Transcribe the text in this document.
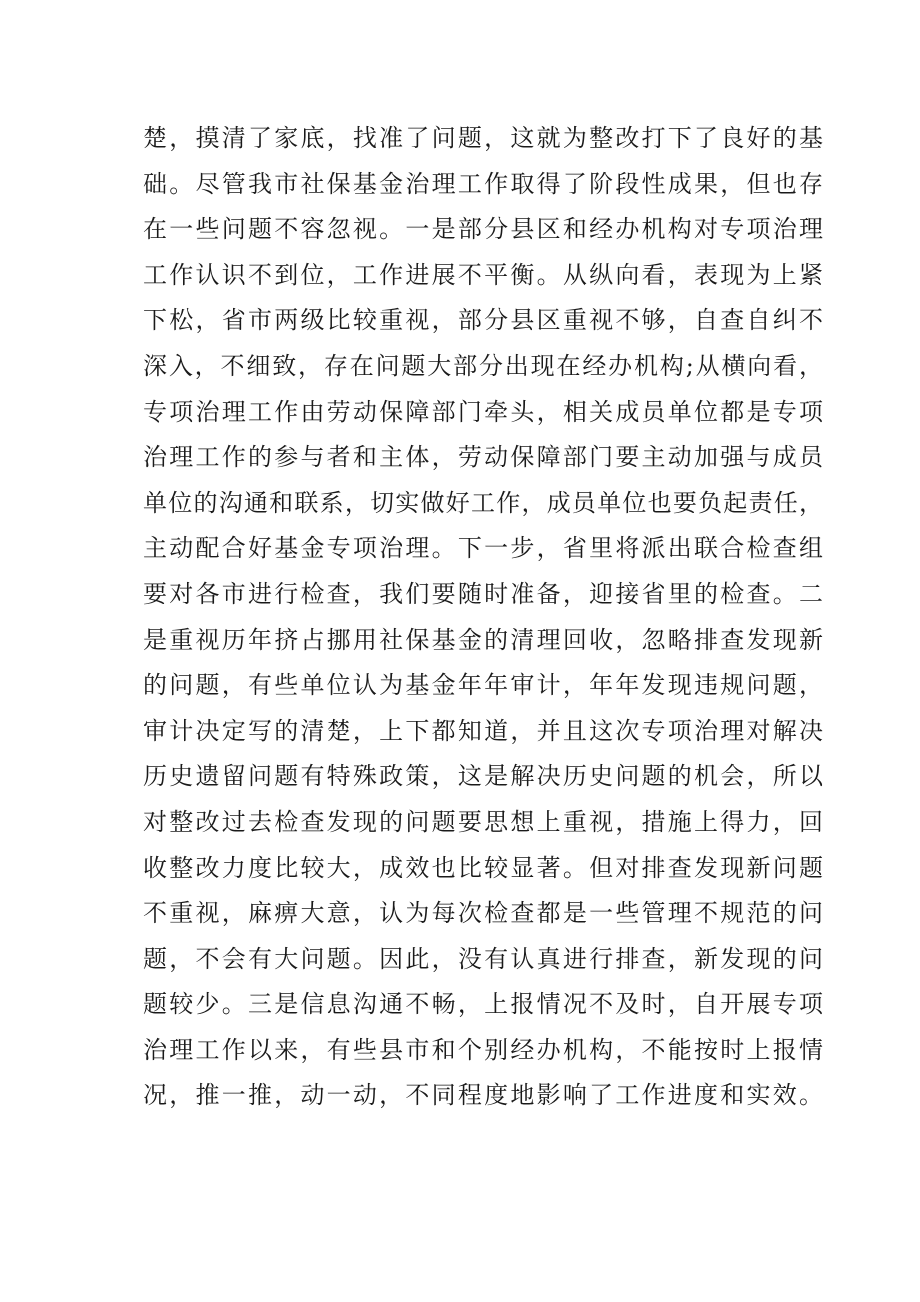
楚，摸清了家底，找准了问题，这就为整改打下了良好的基
础。尽管我市社保基金治理工作取得了阶段性成果，但也存
在一些问题不容忽视。一是部分县区和经办机构对专项治理
工作认识不到位，工作进展不平衡。从纵向看，表现为上紧
下松，省市两级比较重视，部分县区重视不够，自查自纠不
深入，不细致，存在问题大部分出现在经办机构;从横向看，
专项治理工作由劳动保障部门牵头，相关成员单位都是专项
治理工作的参与者和主体，劳动保障部门要主动加强与成员
单位的沟通和联系，切实做好工作，成员单位也要负起责任，
主动配合好基金专项治理。下一步，省里将派出联合检查组
要对各市进行检查，我们要随时准备，迎接省里的检查。二
是重视历年挤占挪用社保基金的清理回收，忽略排查发现新
的问题，有些单位认为基金年年审计，年年发现违规问题，
审计决定写的清楚，上下都知道，并且这次专项治理对解决
历史遗留问题有特殊政策，这是解决历史问题的机会，所以
对整改过去检查发现的问题要思想上重视，措施上得力，回
收整改力度比较大，成效也比较显著。但对排查发现新问题
不重视，麻痹大意，认为每次检查都是一些管理不规范的问
题，不会有大问题。因此，没有认真进行排查，新发现的问
题较少。三是信息沟通不畅，上报情况不及时，自开展专项
治理工作以来，有些县市和个别经办机构，不能按时上报情
况，推一推，动一动，不同程度地影响了工作进度和实效。
